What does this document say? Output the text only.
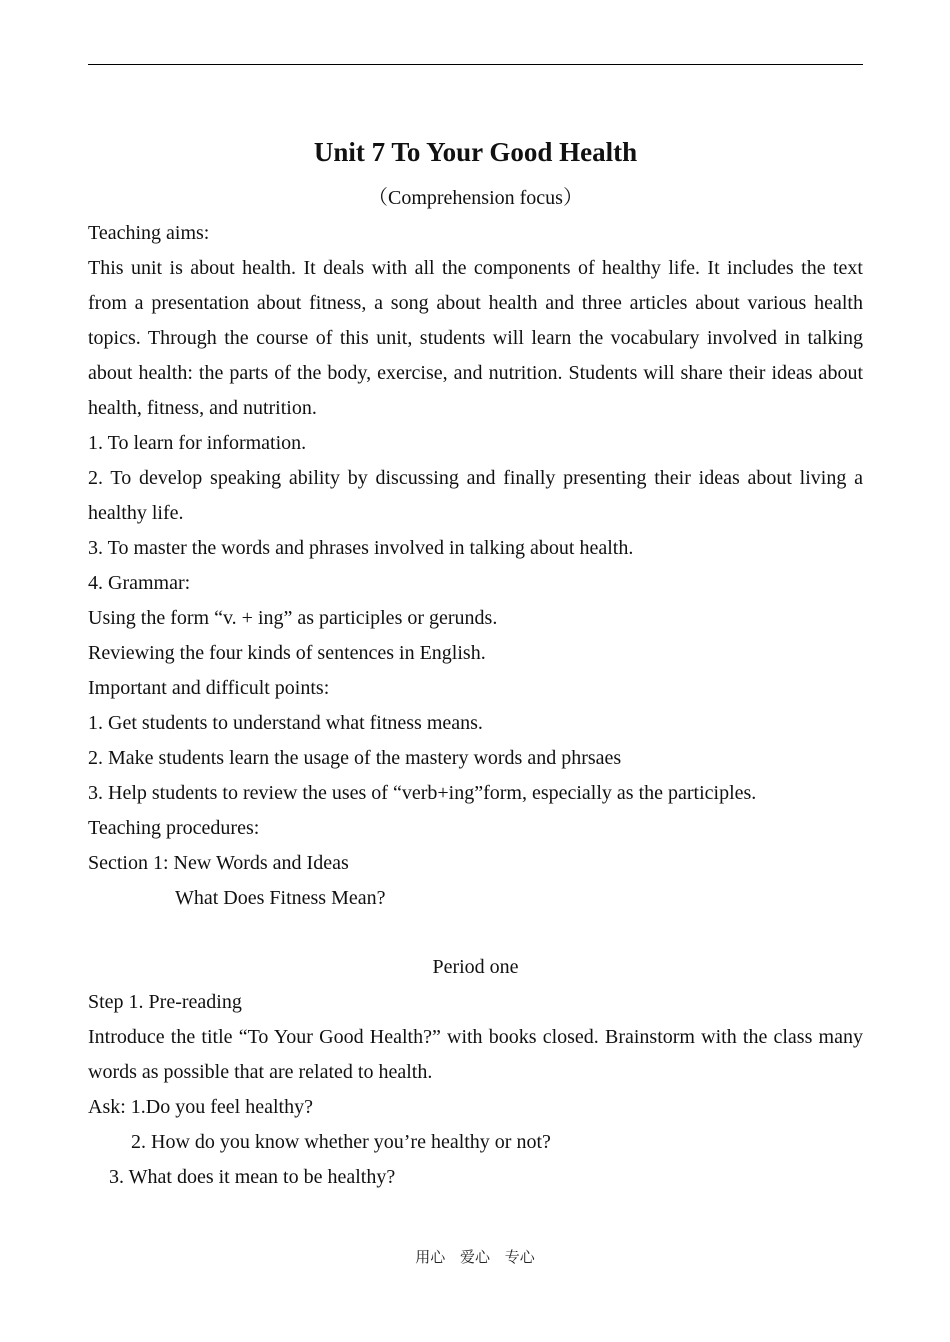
Unit 7 To Your Good Health
（Comprehension focus）

Teaching aims:

This unit is about health. It deals with all the components of healthy life. It includes the text from a presentation about fitness, a song about health and three articles about various health topics. Through the course of this unit, students will learn the vocabulary involved in talking about health: the parts of the body, exercise, and nutrition. Students will share their ideas about health, fitness, and nutrition.

1. To learn for information.

2. To develop speaking ability by discussing and finally presenting their ideas about living a healthy life.

3. To master the words and phrases involved in talking about health.

4. Grammar:

Using the form “v. + ing” as participles or gerunds.

Reviewing the four kinds of sentences in English.

Important and difficult points:

1. Get students to understand what fitness means.

2. Make students learn the usage of the mastery words and phrsaes

3. Help students to review the uses of “verb+ing”form, especially as the participles.

Teaching procedures:

Section 1: New Words and Ideas

What Does Fitness Mean?

Period one

Step 1. Pre-reading

Introduce the title “To Your Good Health?” with books closed. Brainstorm with the class many words as possible that are related to health.

Ask: 1.Do you feel healthy?

2. How do you know whether you’re healthy or not?

3. What does it mean to be healthy?

用心 爱心 专心
